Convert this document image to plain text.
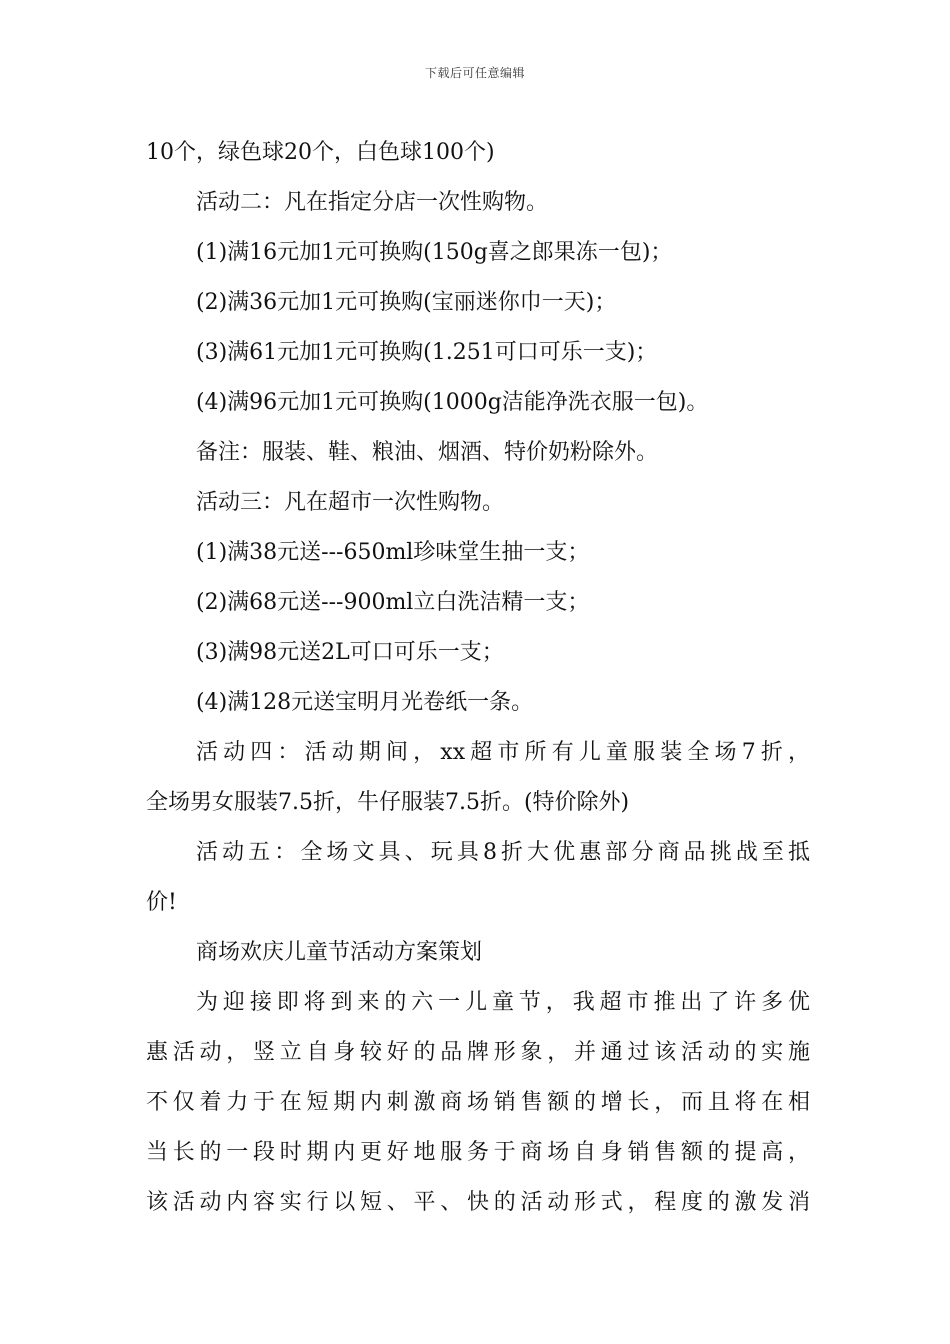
下载后可任意编辑
10个，绿色球20个，白色球100个)
活动二：凡在指定分店一次性购物。
(1)满16元加1元可换购(150g喜之郎果冻一包)；
(2)满36元加1元可换购(宝丽迷你巾一天)；
(3)满61元加1元可换购(1.251可口可乐一支)；
(4)满96元加1元可换购(1000g洁能净洗衣服一包)。
备注：服装、鞋、粮油、烟酒、特价奶粉除外。
活动三：凡在超市一次性购物。
(1)满38元送---650ml珍味堂生抽一支；
(2)满68元送---900ml立白洗洁精一支；
(3)满98元送2L可口可乐一支；
(4)满128元送宝明月光卷纸一条。
活动四：活动期间，xx超市所有儿童服装全场7折，
全场男女服装7.5折，牛仔服装7.5折。(特价除外)
活动五：全场文具、玩具8折大优惠部分商品挑战至抵
价!
商场欢庆儿童节活动方案策划
为迎接即将到来的六一儿童节，我超市推出了许多优
惠活动，竖立自身较好的品牌形象，并通过该活动的实施
不仅着力于在短期内刺激商场销售额的增长，而且将在相
当长的一段时期内更好地服务于商场自身销售额的提高，
该活动内容实行以短、平、快的活动形式，程度的激发消
